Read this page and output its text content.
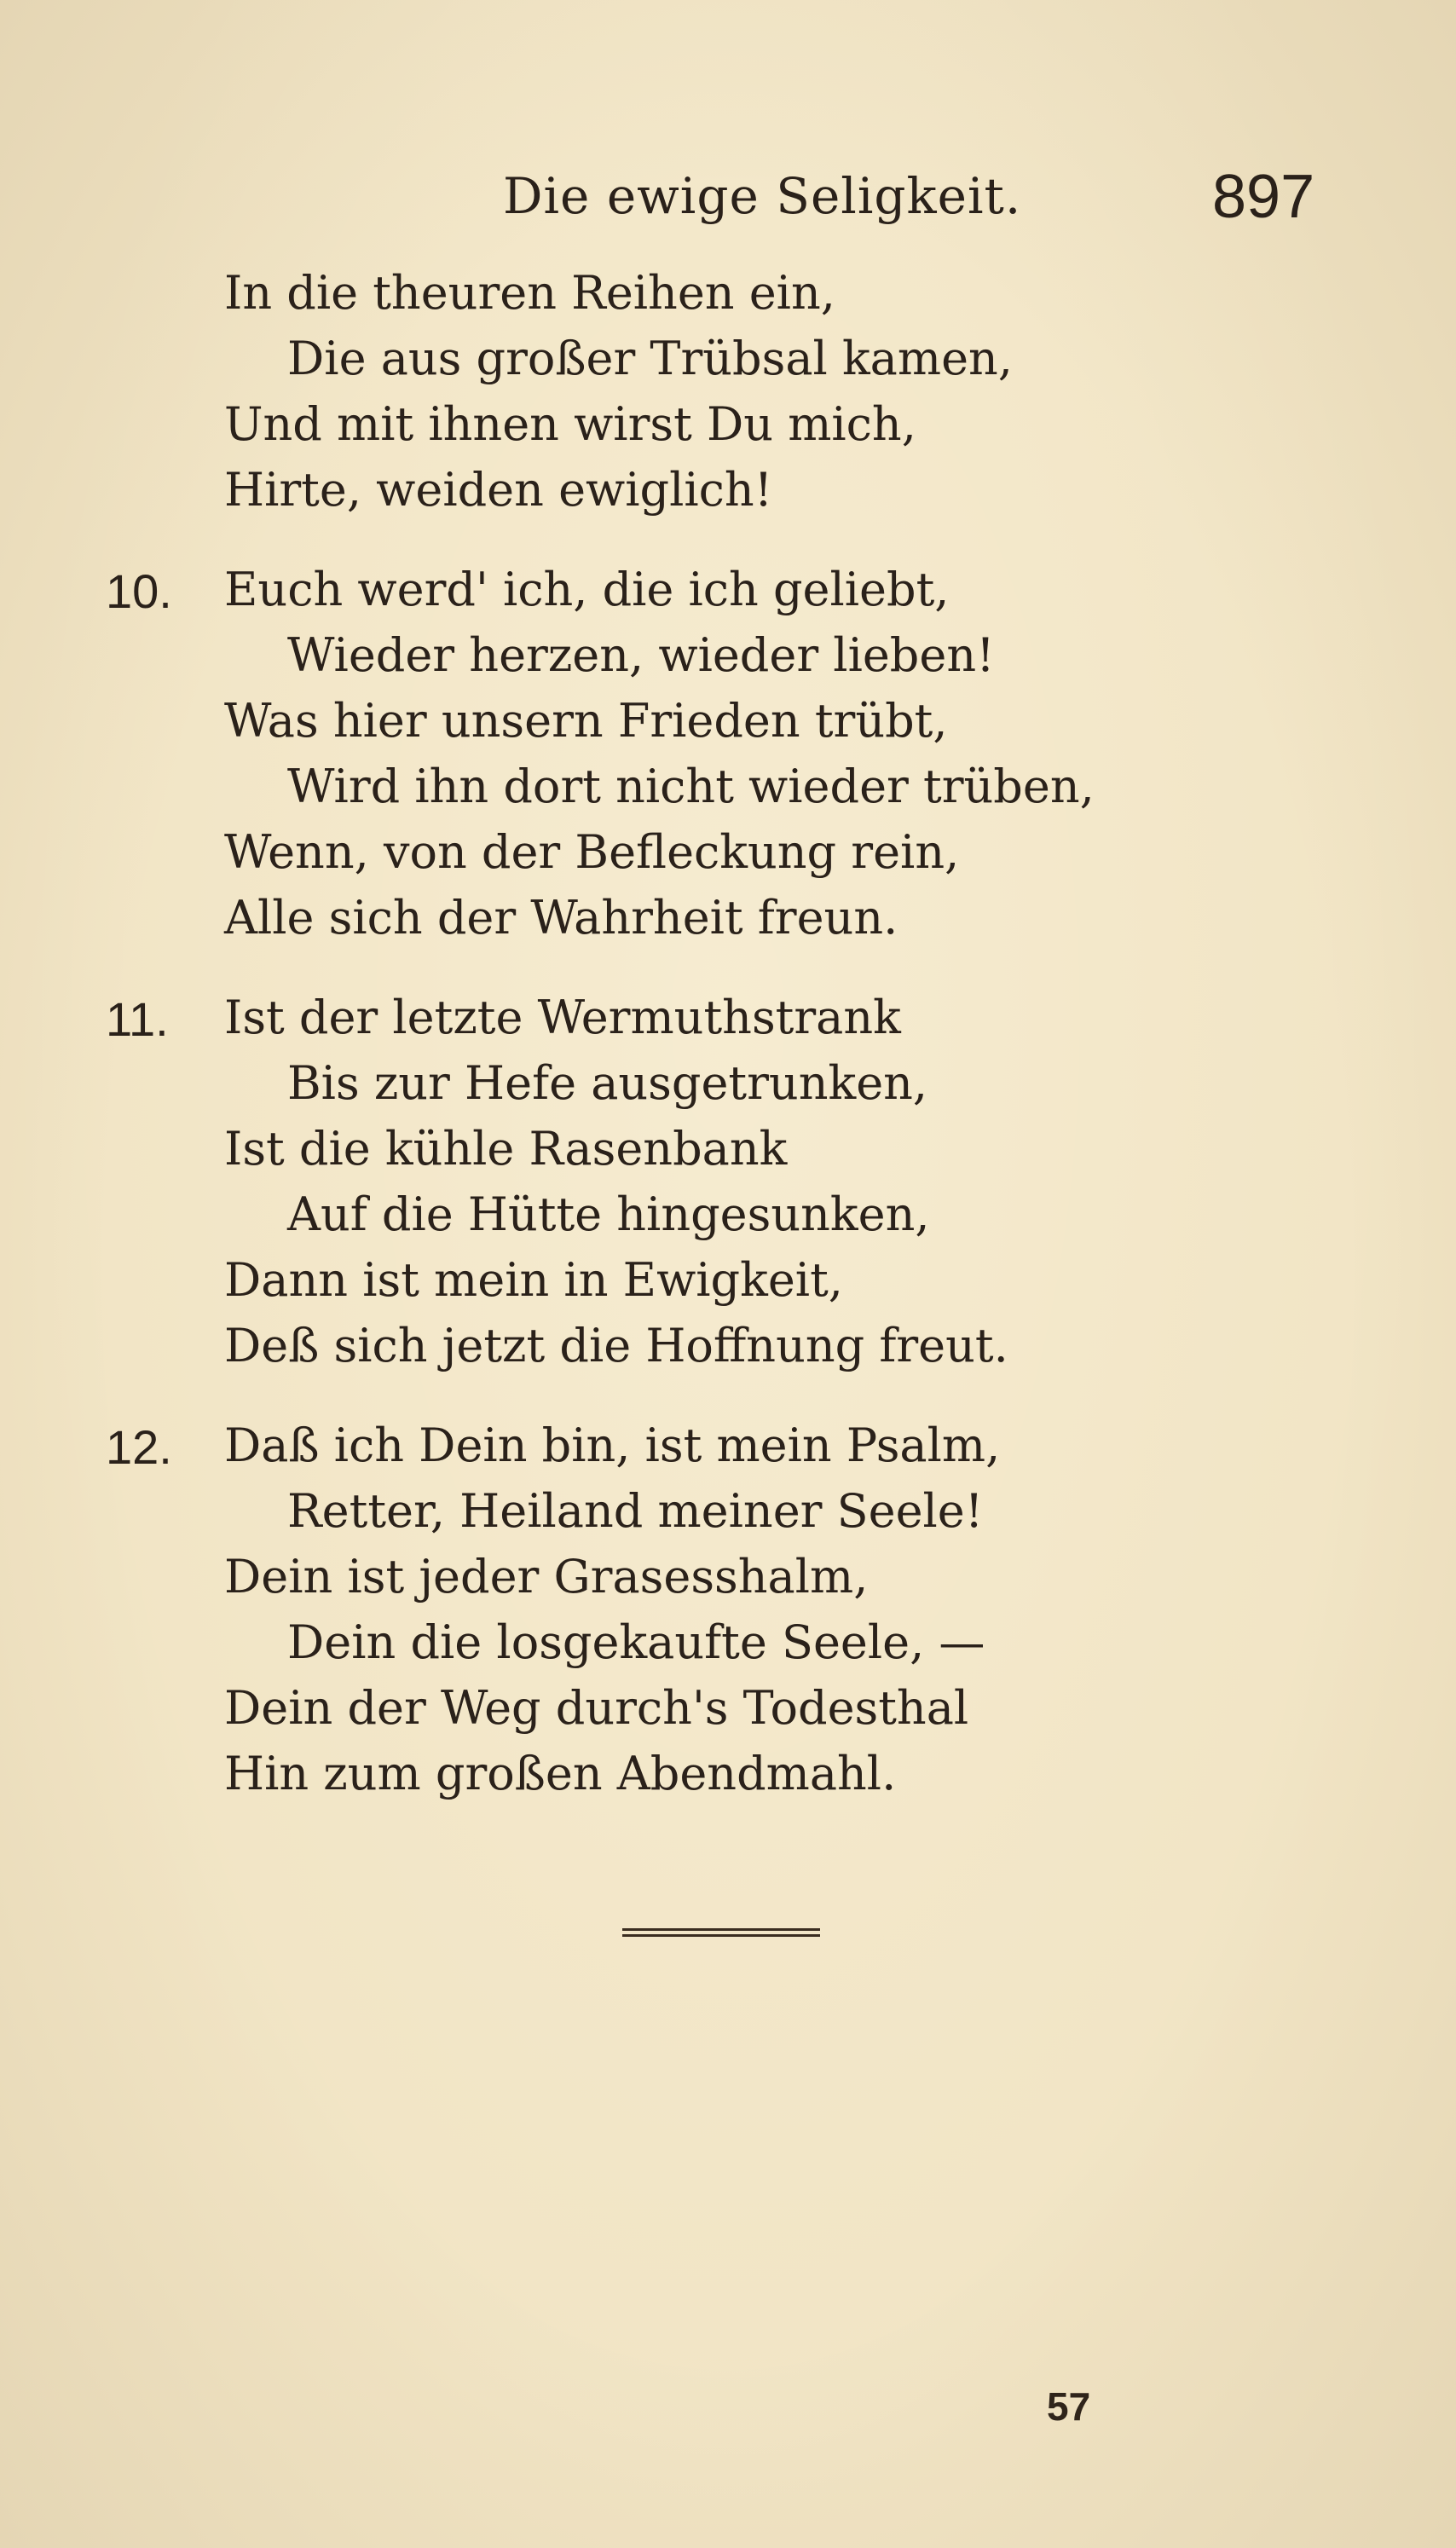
Die ewige Seligkeit.	897
In die theuren Reihen ein,
Die aus großer Trübsal kamen,
Und mit ihnen wirst Du mich,
Hirte, weiden ewiglich!
10.	Euch werd' ich, die ich geliebt,
Wieder herzen, wieder lieben!
Was hier unsern Frieden trübt,
Wird ihn dort nicht wieder trüben,
Wenn, von der Befleckung rein,
Alle sich der Wahrheit freun.
11.	Ist der letzte Wermuthstrank
Bis zur Hefe ausgetrunken,
Ist die kühle Rasenbank
Auf die Hütte hingesunken,
Dann ist mein in Ewigkeit,
Deß sich jetzt die Hoffnung freut.
12.	Daß ich Dein bin, ist mein Psalm,
Retter, Heiland meiner Seele!
Dein ist jeder Grasesshalm,
Dein die losgekaufte Seele, —
Dein der Weg durch's Todesthal
Hin zum großen Abendmahl.
57
